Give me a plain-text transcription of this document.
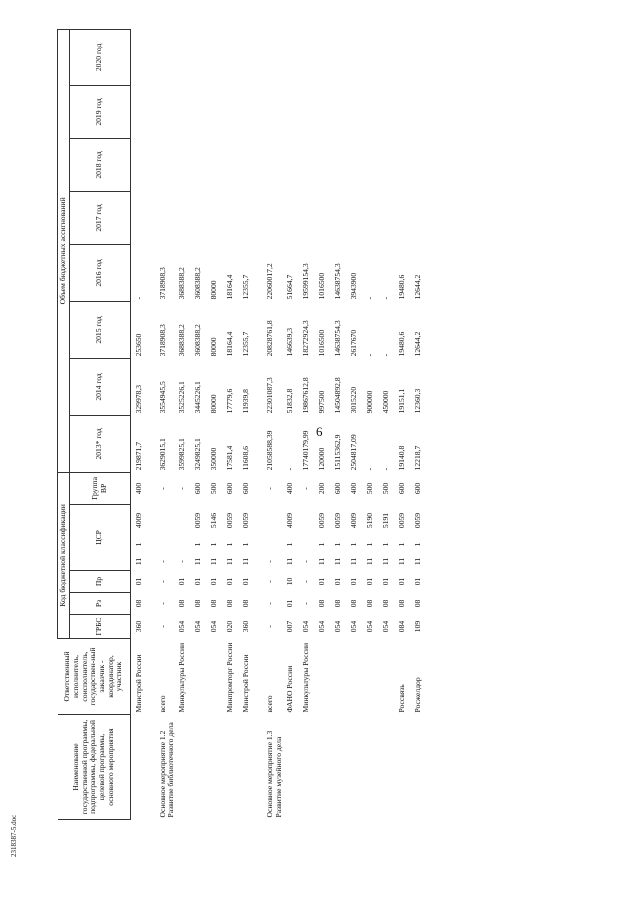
6
Наименование государственной программы, подпрограммы, федеральной целевой программы, основного мероприятия	Ответственный исполнитель, соисполнитель, государствен-ный заказчик - координатор, участник	Код бюджетной классификации							Объем бюджетных ассигнований							
		ГРБС	Рз	Пр	ЦСР			Группа ВР	2013* год	2014 год	2015 год	2016 год	2017 год	2018 год	2019 год	2020 год
	Минстрой России	360	08	01	11	1	4009	400	219871,7	329978,3	253650	-				
Основное мероприятие 1.2 Развитие библиотечного дела	всего	-	-	-	-			-	3629015,1	3554945,5	3718908,3	3718908,3				
	Минкультуры России	054	08	01	-			-	3599825,1	3525226,1	3688388,2	3688388,2				
		054	08	01	11	1	0059	600	3249825,1	3445226,1	3608388,2	3608388,2				
		054	08	01	11	1	5146	500	350000	80000	80000	80000				
	Минпромторг России	020	08	01	11	1	0059	600	17581,4	17779,6	18164,4	18164,4				
	Минстрой России	360	08	01	11	1	0059	600	11608,6	11939,8	12355,7	12355,7				
Основное мероприятие 1.3 Развитие музейного дела	всего	-	-	-	-			-	21058588,39	22301087,3	20828761,8	22060017,2				
	ФАНО России	007	01	10	11	1	4009	400	-	51832,8	146639,3	51664,7				
	Минкультуры России	054	-	-	-			-	17740179,99	19867612,8	18272924,3	19599154,3				
		054	08	01	11	1	0059	200	120000	997500	1016500	1016500				
		054	08	01	11	1	0059	600	15115362,9	14504892,8	14638754,3	14638754,3				
		054	08	01	11	1	4009	400	2504817,09	3015220	2617670	3943900				
		054	08	01	11	1	5190	500	-	900000	-	-				
		054	08	01	11	1	5191	500	-	450000	-	-				
	Россвязь	084	08	01	11	1	0059	600	19140,8	19151,1	19480,6	19480,6				
	Росжелдор	109	08	01	11	1	0059	600	12218,7	12360,3	12644,2	12644,2				
2318387-5.doc
